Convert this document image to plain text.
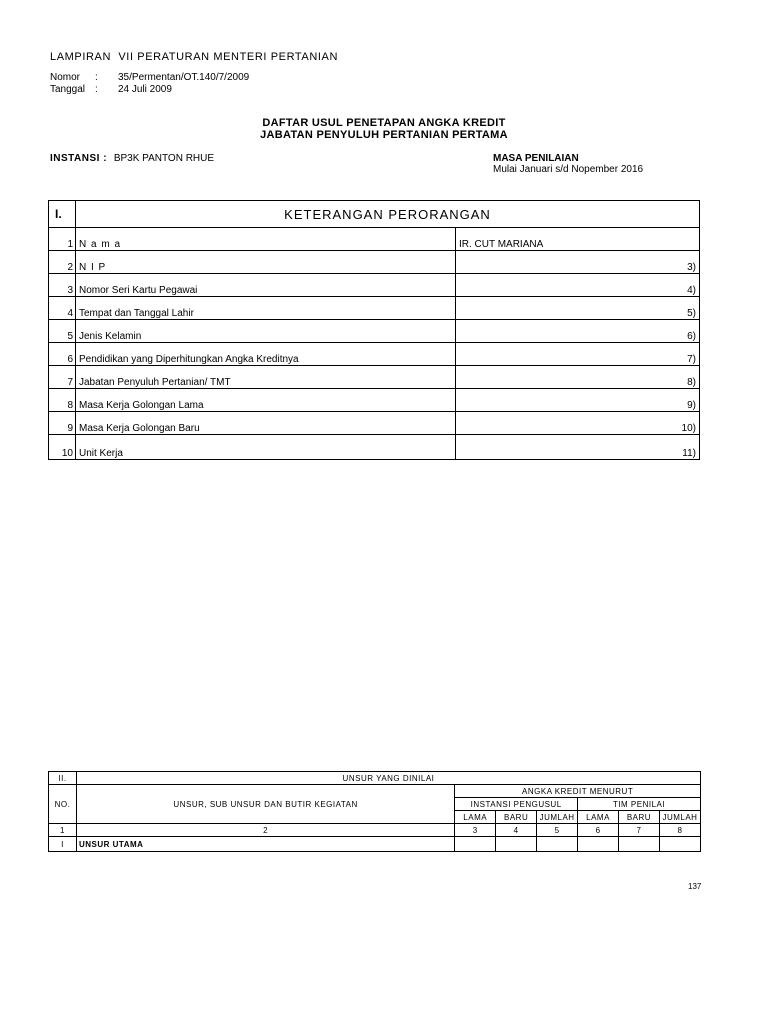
LAMPIRAN  VII PERATURAN MENTERI PERTANIAN
Nomor : 35/Permentan/OT.140/7/2009
Tanggal : 24 Juli 2009
DAFTAR USUL PENETAPAN ANGKA KREDIT
JABATAN PENYULUH PERTANIAN PERTAMA
INSTANSI : BP3K PANTON RHUE	MASA PENILAIAN
Mulai Januari s/d Nopember 2016
I.	KETERANGAN PERORANGAN	
1	N a m a	IR. CUT MARIANA
2	N I P	3)
3	Nomor Seri Kartu Pegawai	4)
4	Tempat dan Tanggal Lahir	5)
5	Jenis Kelamin	6)
6	Pendidikan yang Diperhitungkan Angka Kreditnya	7)
7	Jabatan Penyuluh Pertanian/ TMT	8)
8	Masa Kerja Golongan Lama	9)
9	Masa Kerja Golongan Baru	10)
10	Unit Kerja	11)
II.	UNSUR YANG DINILAI						
NO.	UNSUR, SUB UNSUR DAN BUTIR KEGIATAN	ANGKA KREDIT MENURUT					
		INSTANSI PENGUSUL			TIM PENILAI		
		LAMA	BARU	JUMLAH	LAMA	BARU	JUMLAH
1	2	3	4	5	6	7	8
I	UNSUR UTAMA						
137
